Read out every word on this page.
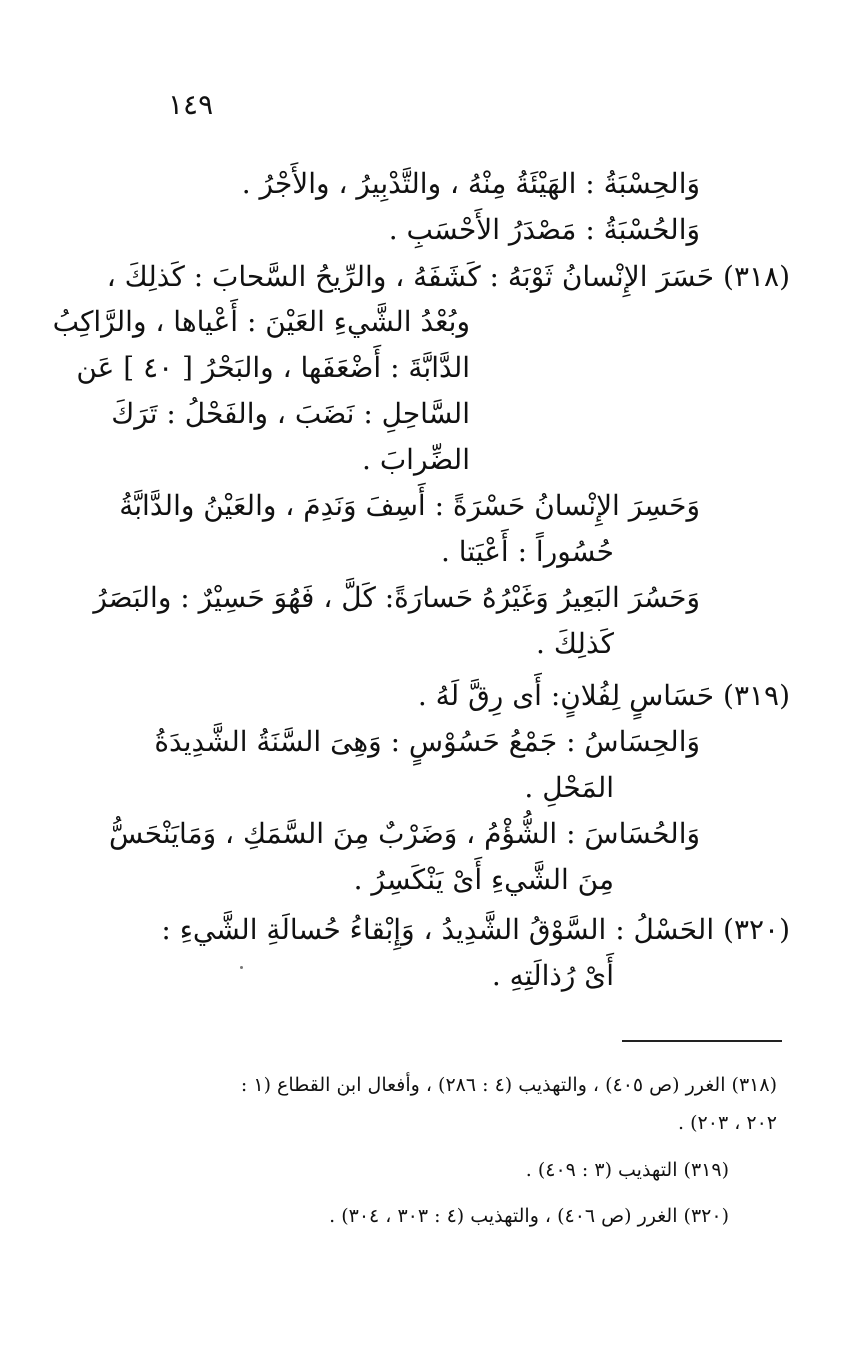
١٤٩
وَالحِسْبَةُ : الهَيْئَةُ مِنْهُ ، والتَّدْبِيرُ ، والأَجْرُ .
وَالحُسْبَةُ : مَصْدَرُ الأَحْسَبِ .
(٣١٨) حَسَرَ الإِنْسانُ ثَوْبَهُ : كَشَفَهُ ، والرِّيحُ السَّحابَ : كَذلِكَ ،
وبُعْدُ الشَّيءِ العَيْنَ : أَعْياها ، والرَّاكِبُ
الدَّابَّةَ : أَضْعَفَها ، والبَحْرُ [ ٤٠ ] عَن
السَّاحِلِ : نَضَبَ ، والفَحْلُ : تَرَكَ
الضِّرابَ .
وَحَسِرَ الإِنْسانُ حَسْرَةً : أَسِفَ وَنَدِمَ ، والعَيْنُ والدَّابَّةُ
حُسُوراً : أَعْيَتا .
وَحَسُرَ البَعِيرُ وَغَيْرُهُ حَسارَةً: كَلَّ ، فَهُوَ حَسِيْرٌ : والبَصَرُ
كَذلِكَ .
(٣١٩) حَسَاسٍ لِفُلانٍ: أَى رِقَّ لَهُ .
وَالحِسَاسُ : جَمْعُ حَسُوْسٍ : وَهِىَ السَّنَةُ الشَّدِيدَةُ
المَحْلِ .
وَالحُسَاسَ : الشُّؤْمُ ، وَضَرْبٌ مِنَ السَّمَكِ ، وَمَايَنْحَسُّ
مِنَ الشَّيءِ أَىْ يَنْكَسِرُ .
(٣٢٠) الحَسْلُ : السَّوْقُ الشَّدِيدُ ، وَإِبْقاءُ حُسالَةِ الشَّيءِ :
أَىْ رُذالَتِهِ .
(٣١٨) الغرر (ص ٤٠٥) ، والتهذيب (٤ : ٢٨٦) ، وأفعال ابن القطاع (١ :
٢٠٢ ، ٢٠٣) .
(٣١٩) التهذيب (٣ : ٤٠٩) .
(٣٢٠) الغرر (ص ٤٠٦) ، والتهذيب (٤ : ٣٠٣ ، ٣٠٤) .
